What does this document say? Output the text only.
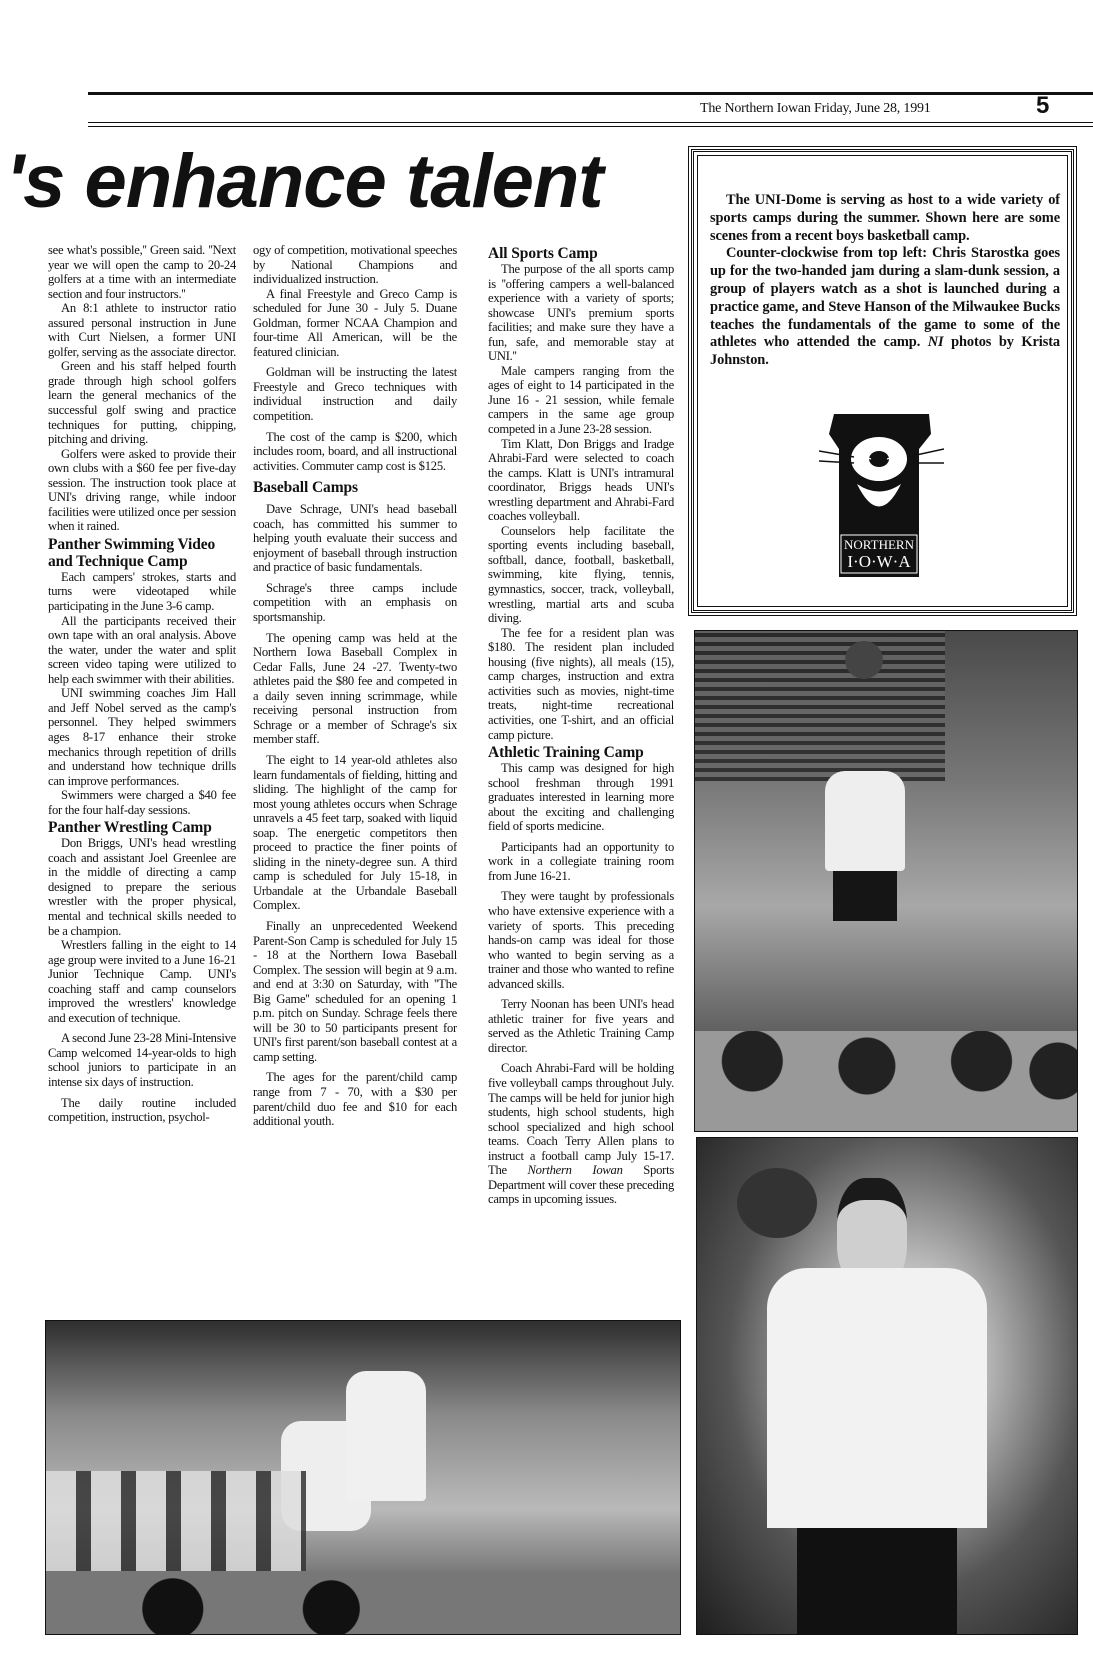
The Northern Iowan Friday, June 28, 1991	5
's enhance talent

see what's possible,'' Green said. ''Next year we will open the camp to 20-24 golfers at a time with an intermediate section and four instructors.''

An 8:1 athlete to instructor ratio assured personal instruction in June with Curt Nielsen, a former UNI golfer, serving as the associate director.

Green and his staff helped fourth grade through high school golfers learn the general mechanics of the successful golf swing and practice techniques for putting, chipping, pitching and driving.

Golfers were asked to provide their own clubs with a $60 fee per five-day session. The instruction took place at UNI's driving range, while indoor facilities were utilized once per session when it rained.

Panther Swimming Video and Technique Camp

Each campers' strokes, starts and turns were videotaped while participating in the June 3-6 camp.

All the participants received their own tape with an oral analysis. Above the water, under the water and split screen video taping were utilized to help each swimmer with their abilities.

UNI swimming coaches Jim Hall and Jeff Nobel served as the camp's personnel. They helped swimmers ages 8-17 enhance their stroke mechanics through repetition of drills and understand how technique drills can improve performances.

Swimmers were charged a $40 fee for the four half-day sessions.

Panther Wrestling Camp

Don Briggs, UNI's head wrestling coach and assistant Joel Greenlee are in the middle of directing a camp designed to prepare the serious wrestler with the proper physical, mental and technical skills needed to be a champion.

Wrestlers falling in the eight to 14 age group were invited to a June 16-21 Junior Technique Camp. UNI's coaching staff and camp counselors improved the wrestlers' knowledge and execution of technique.

A second June 23-28 Mini-Intensive Camp welcomed 14-year-olds to high school juniors to participate in an intense six days of instruction.

The daily routine included competition, instruction, psychol-

ogy of competition, motivational speeches by National Champions and individualized instruction.

A final Freestyle and Greco Camp is scheduled for June 30 - July 5. Duane Goldman, former NCAA Champion and four-time All American, will be the featured clinician.

Goldman will be instructing the latest Freestyle and Greco techniques with individual instruction and daily competition.

The cost of the camp is $200, which includes room, board, and all instructional activities. Commuter camp cost is $125.

Baseball Camps

Dave Schrage, UNI's head baseball coach, has committed his summer to helping youth evaluate their success and enjoyment of baseball through instruction and practice of basic fundamentals.

Schrage's three camps include competition with an emphasis on sportsmanship.

The opening camp was held at the Northern Iowa Baseball Complex in Cedar Falls, June 24 -27. Twenty-two athletes paid the $80 fee and competed in a daily seven inning scrimmage, while receiving personal instruction from Schrage or a member of Schrage's six member staff.

The eight to 14 year-old athletes also learn fundamentals of fielding, hitting and sliding. The highlight of the camp for most young athletes occurs when Schrage unravels a 45 feet tarp, soaked with liquid soap. The energetic competitors then proceed to practice the finer points of sliding in the ninety-degree sun. A third camp is scheduled for July 15-18, in Urbandale at the Urbandale Baseball Complex.

Finally an unprecedented Weekend Parent-Son Camp is scheduled for July 15 - 18 at the Northern Iowa Baseball Complex. The session will begin at 9 a.m. and end at 3:30 on Saturday, with ''The Big Game'' scheduled for an opening 1 p.m. pitch on Sunday. Schrage feels there will be 30 to 50 participants present for UNI's first parent/son baseball contest at a camp setting.

The ages for the parent/child camp range from 7 - 70, with a $30 per parent/child duo fee and $10 for each additional youth.

All Sports Camp

The purpose of the all sports camp is ''offering campers a well-balanced experience with a variety of sports; showcase UNI's premium sports facilities; and make sure they have a fun, safe, and memorable stay at UNI.''

Male campers ranging from the ages of eight to 14 participated in the June 16 - 21 session, while female campers in the same age group competed in a June 23-28 session.

Tim Klatt, Don Briggs and Iradge Ahrabi-Fard were selected to coach the camps. Klatt is UNI's intramural coordinator, Briggs heads UNI's wrestling department and Ahrabi-Fard coaches volleyball.

Counselors help facilitate the sporting events including baseball, softball, dance, football, basketball, swimming, kite flying, tennis, gymnastics, soccer, track, volleyball, wrestling, martial arts and scuba diving.

The fee for a resident plan was $180. The resident plan included housing (five nights), all meals (15), camp charges, instruction and extra activities such as movies, night-time treats, night-time recreational activities, one T-shirt, and an official camp picture.

Athletic Training Camp

This camp was designed for high school freshman through 1991 graduates interested in learning more about the exciting and challenging field of sports medicine.

Participants had an opportunity to work in a collegiate training room from June 16-21.

They were taught by professionals who have extensive experience with a variety of sports. This preceding hands-on camp was ideal for those who wanted to begin serving as a trainer and those who wanted to refine advanced skills.

Terry Noonan has been UNI's head athletic trainer for five years and served as the Athletic Training Camp director.

Coach Ahrabi-Fard will be holding five volleyball camps throughout July. The camps will be held for junior high students, high school students, high school specialized and high school teams. Coach Terry Allen plans to instruct a football camp July 15-17. The Northern Iowan Sports Department will cover these preceding camps in upcoming issues.

The UNI-Dome is serving as host to a wide variety of sports camps during the summer. Shown here are some scenes from a recent boys basketball camp.

Counter-clockwise from top left: Chris Starostka goes up for the two-handed jam during a slam-dunk session, a group of players watch as a shot is launched during a practice game, and Steve Hanson of the Milwaukee Bucks teaches the fundamentals of the game to some of the athletes who attended the camp. NI photos by Krista Johnston.

NORTHERN
I·O·W·A
